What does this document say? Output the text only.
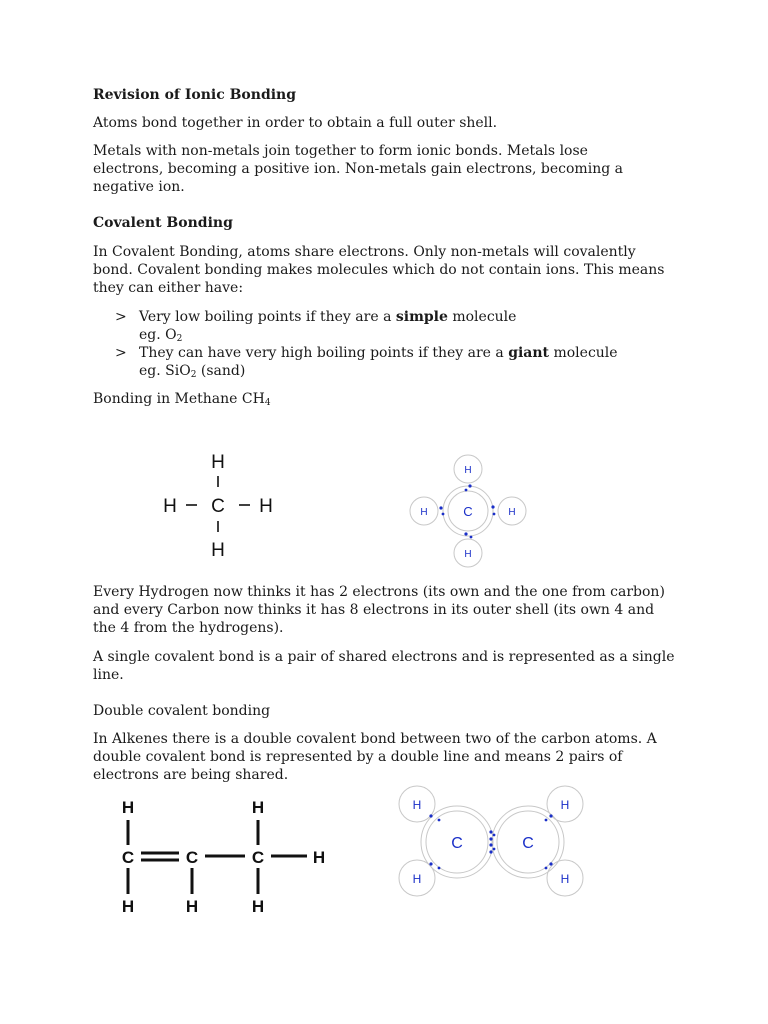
Revision of Ionic Bonding
Atoms bond together in order to obtain a full outer shell.
Metals with non-metals join together to form ionic bonds. Metals lose electrons, becoming a positive ion. Non-metals gain electrons, becoming a negative ion.
Covalent Bonding
In Covalent Bonding, atoms share electrons. Only non-metals will covalently bond. Covalent bonding makes molecules which do not contain ions. This means they can either have:
> Very low boiling points if they are a simple molecule
eg. $O_2$
> They can have very high boiling points if they are a giant molecule
eg. SiO$_2$ (sand)
Bonding in Methane $CH_4$
H
C
H	H
H
C
H
H
H	H
Every Hydrogen now thinks it has 2 electrons (its own and the one from carbon) and every Carbon now thinks it has 8 electrons in its outer shell (its own 4 and the 4 from the hydrogens).
A single covalent bond is a pair of shared electrons and is represented as a single line.
Double covalent bonding
In Alkenes there is a double covalent bond between two of the carbon atoms. A double covalent bond is represented by a double line and means 2 pairs of electrons are being shared.
H	H
C	C	C	H
H	H	H
C	C
H
H
H
H
